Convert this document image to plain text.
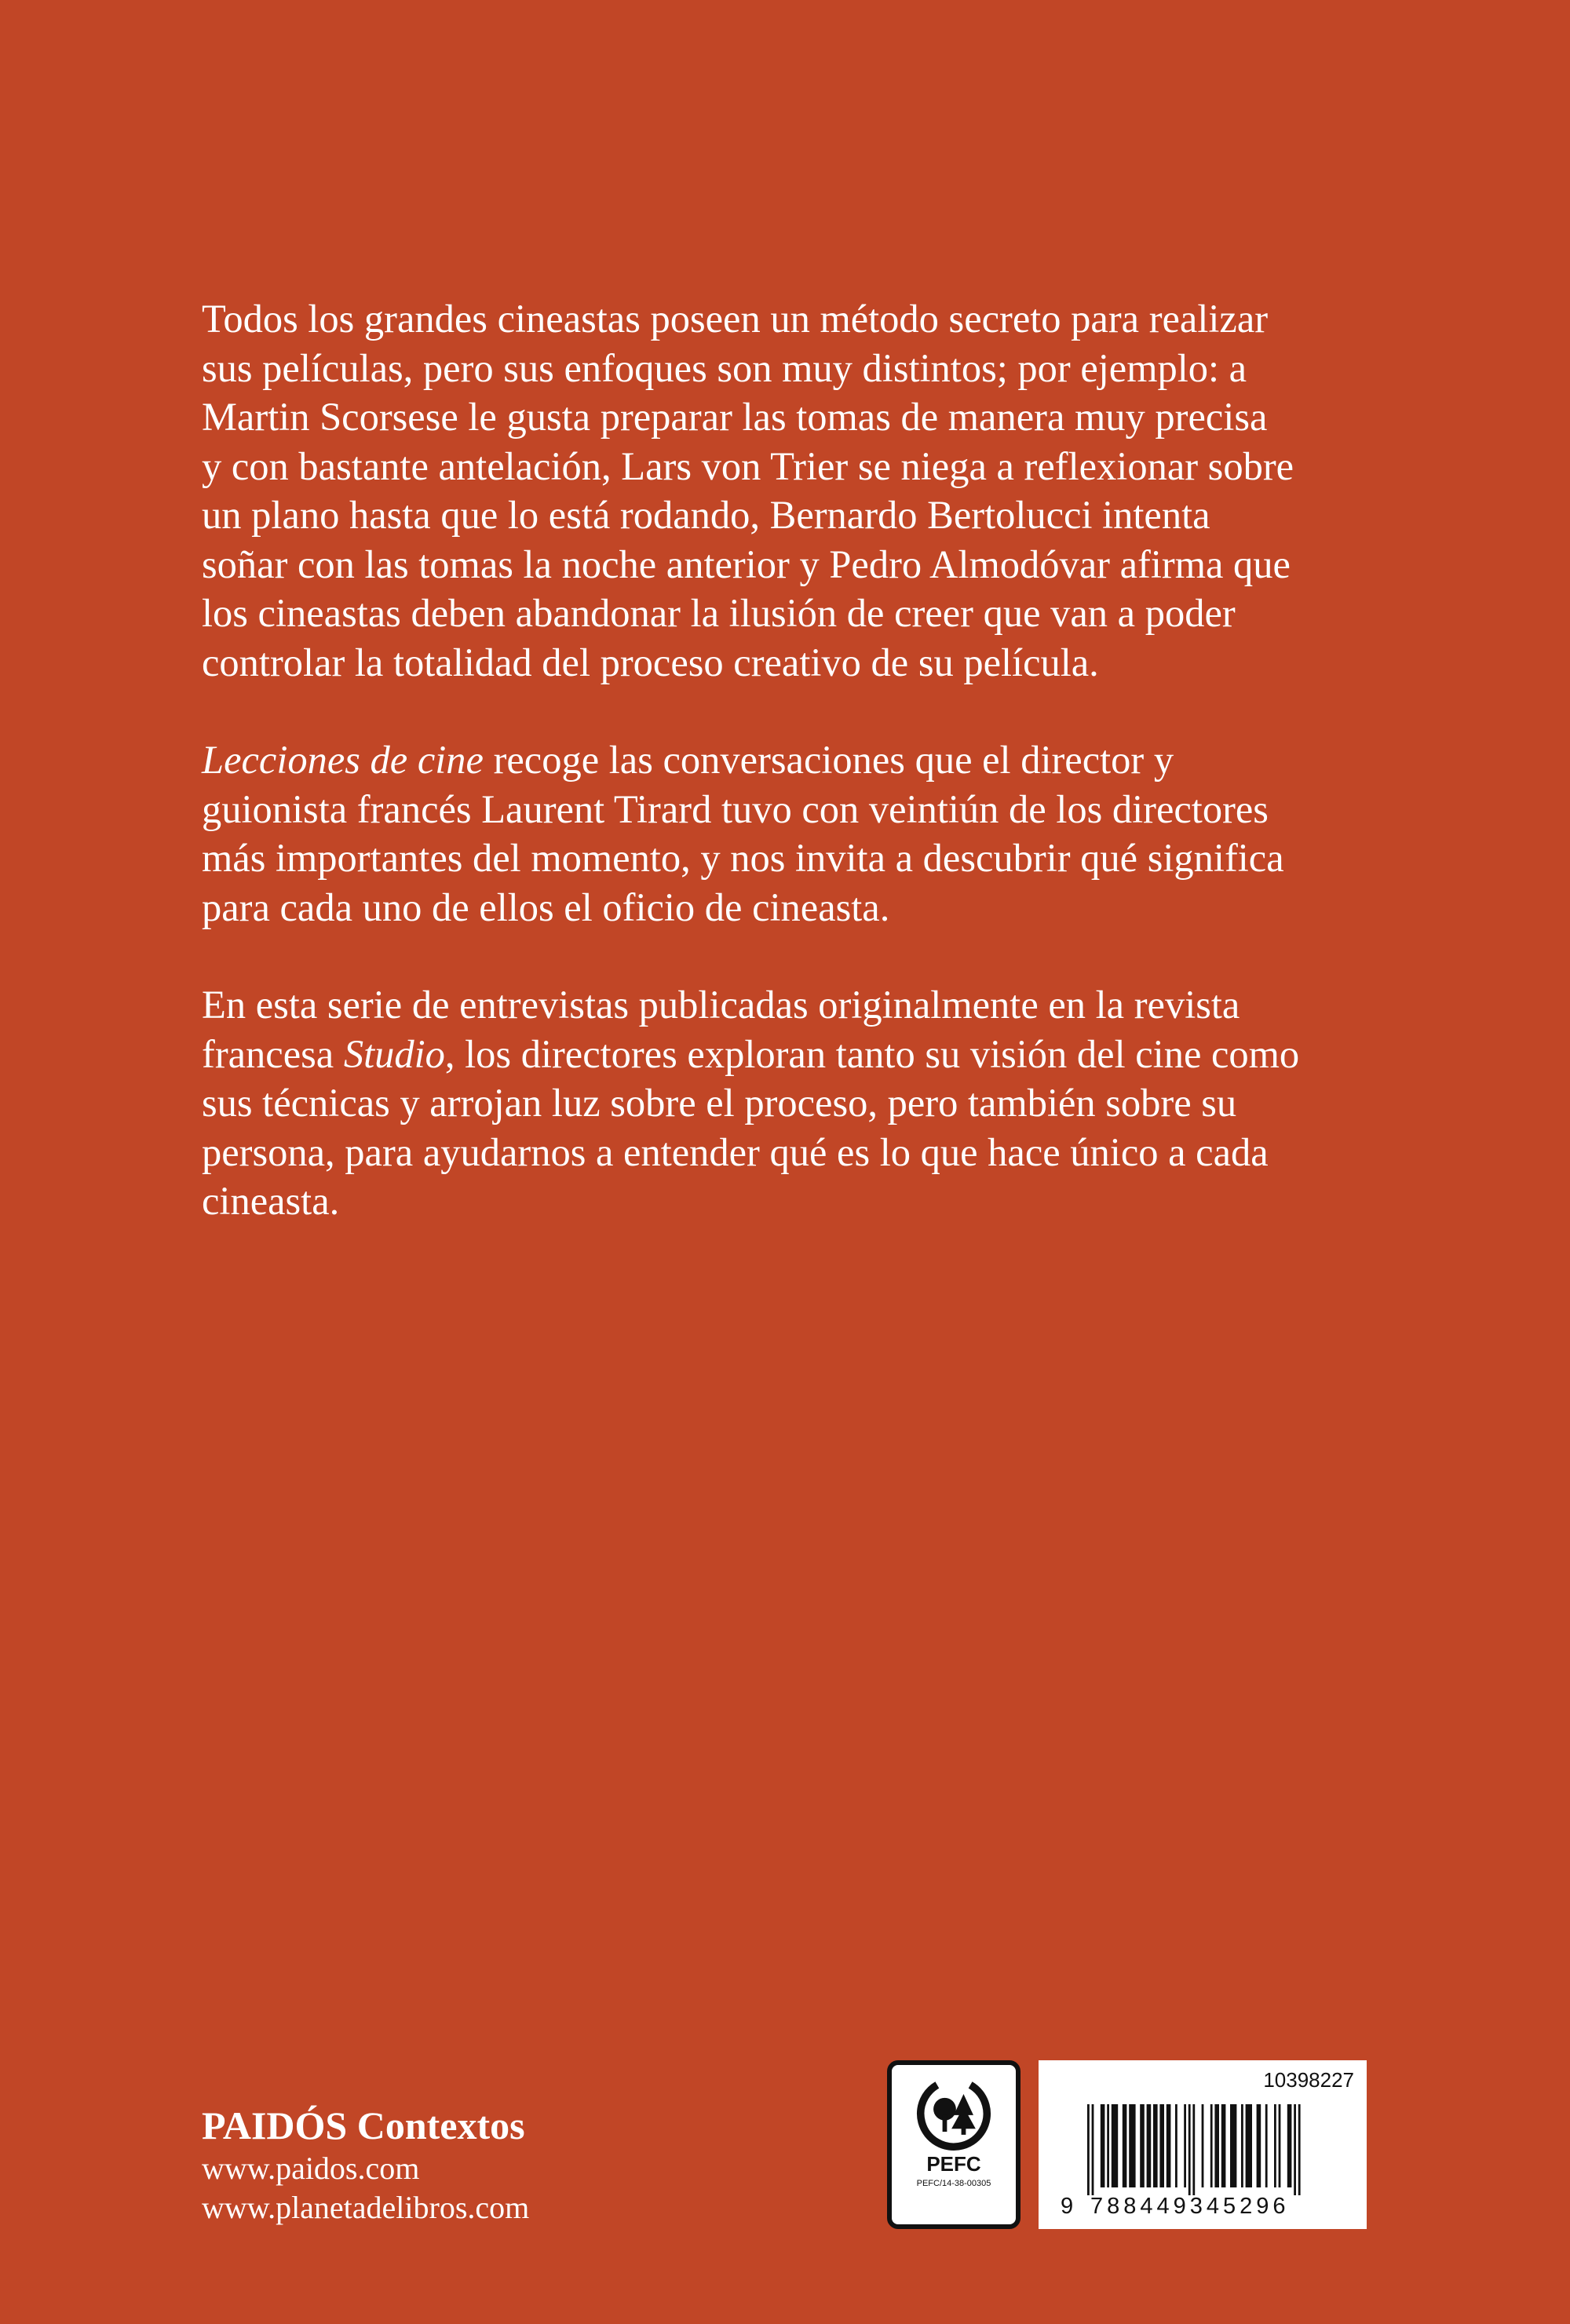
Todos los grandes cineastas poseen un método secreto para realizar
sus películas, pero sus enfoques son muy distintos; por ejemplo: a
Martin Scorsese le gusta preparar las tomas de manera muy precisa
y con bastante antelación, Lars von Trier se niega a reflexionar sobre
un plano hasta que lo está rodando, Bernardo Bertolucci intenta
soñar con las tomas la noche anterior y Pedro Almodóvar afirma que
los cineastas deben abandonar la ilusión de creer que van a poder
controlar la totalidad del proceso creativo de su película.

Lecciones de cine recoge las conversaciones que el director y
guionista francés Laurent Tirard tuvo con veintiún de los directores
más importantes del momento, y nos invita a descubrir qué significa
para cada uno de ellos el oficio de cineasta.

En esta serie de entrevistas publicadas originalmente en la revista
francesa Studio, los directores exploran tanto su visión del cine como
sus técnicas y arrojan luz sobre el proceso, pero también sobre su
persona, para ayudarnos a entender qué es lo que hace único a cada
cineasta.

PAIDÓS Contextos
www.paidos.com
www.planetadelibros.com
PEFC
PEFC/14-38-00305
10398227
9 788449345296
